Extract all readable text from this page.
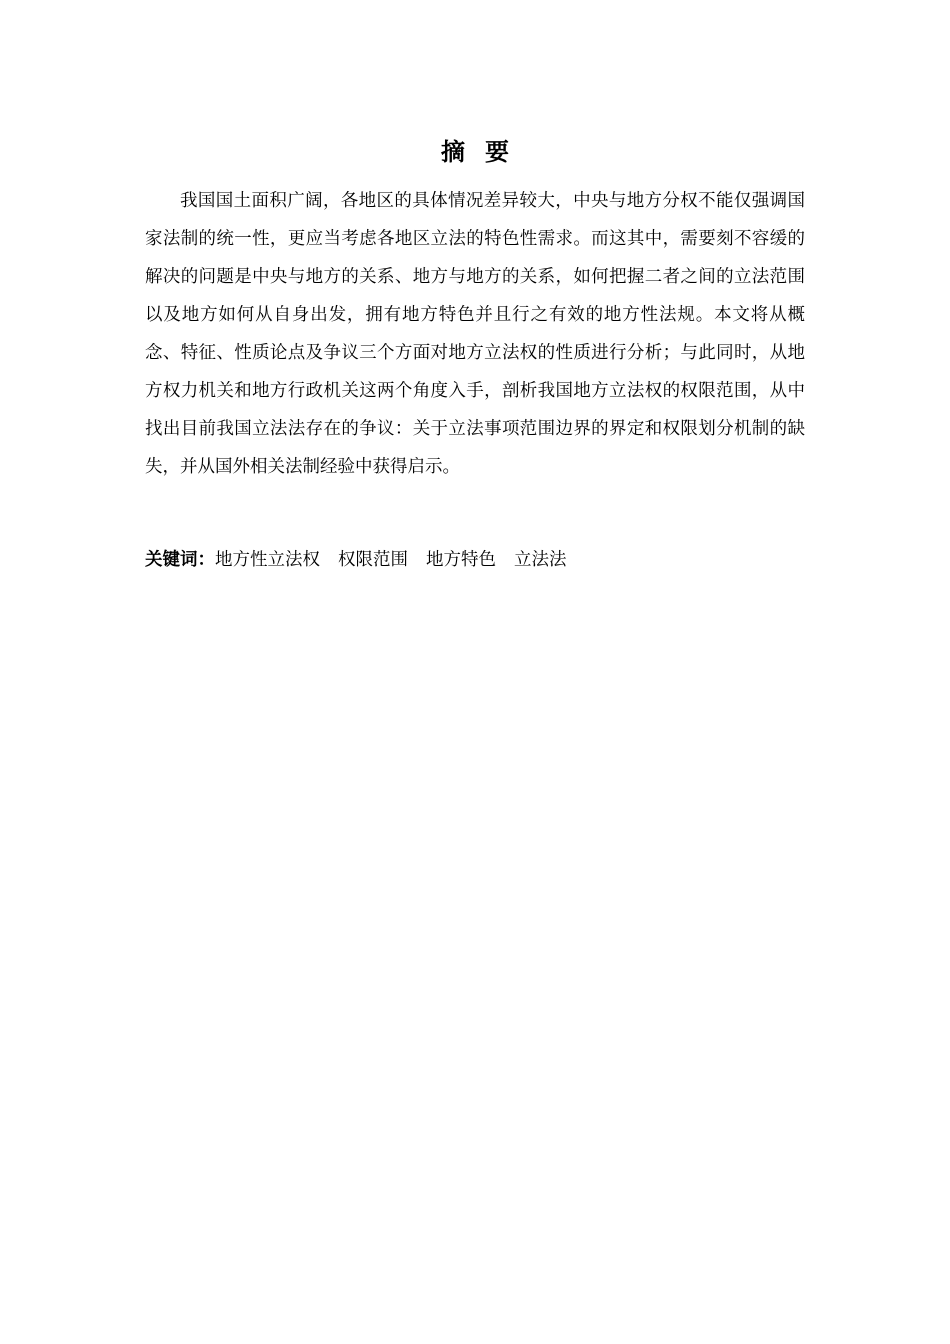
摘要

我国国土面积广阔，各地区的具体情况差异较大，中央与地方分权不能仅强调国家法制的统一性，更应当考虑各地区立法的特色性需求。而这其中，需要刻不容缓的解决的问题是中央与地方的关系、地方与地方的关系，如何把握二者之间的立法范围以及地方如何从自身出发，拥有地方特色并且行之有效的地方性法规。本文将从概念、特征、性质论点及争议三个方面对地方立法权的性质进行分析；与此同时，从地方权力机关和地方行政机关这两个角度入手，剖析我国地方立法权的权限范围，从中找出目前我国立法法存在的争议：关于立法事项范围边界的界定和权限划分机制的缺失，并从国外相关法制经验中获得启示。

关键词：地方性立法权 权限范围 地方特色 立法法
